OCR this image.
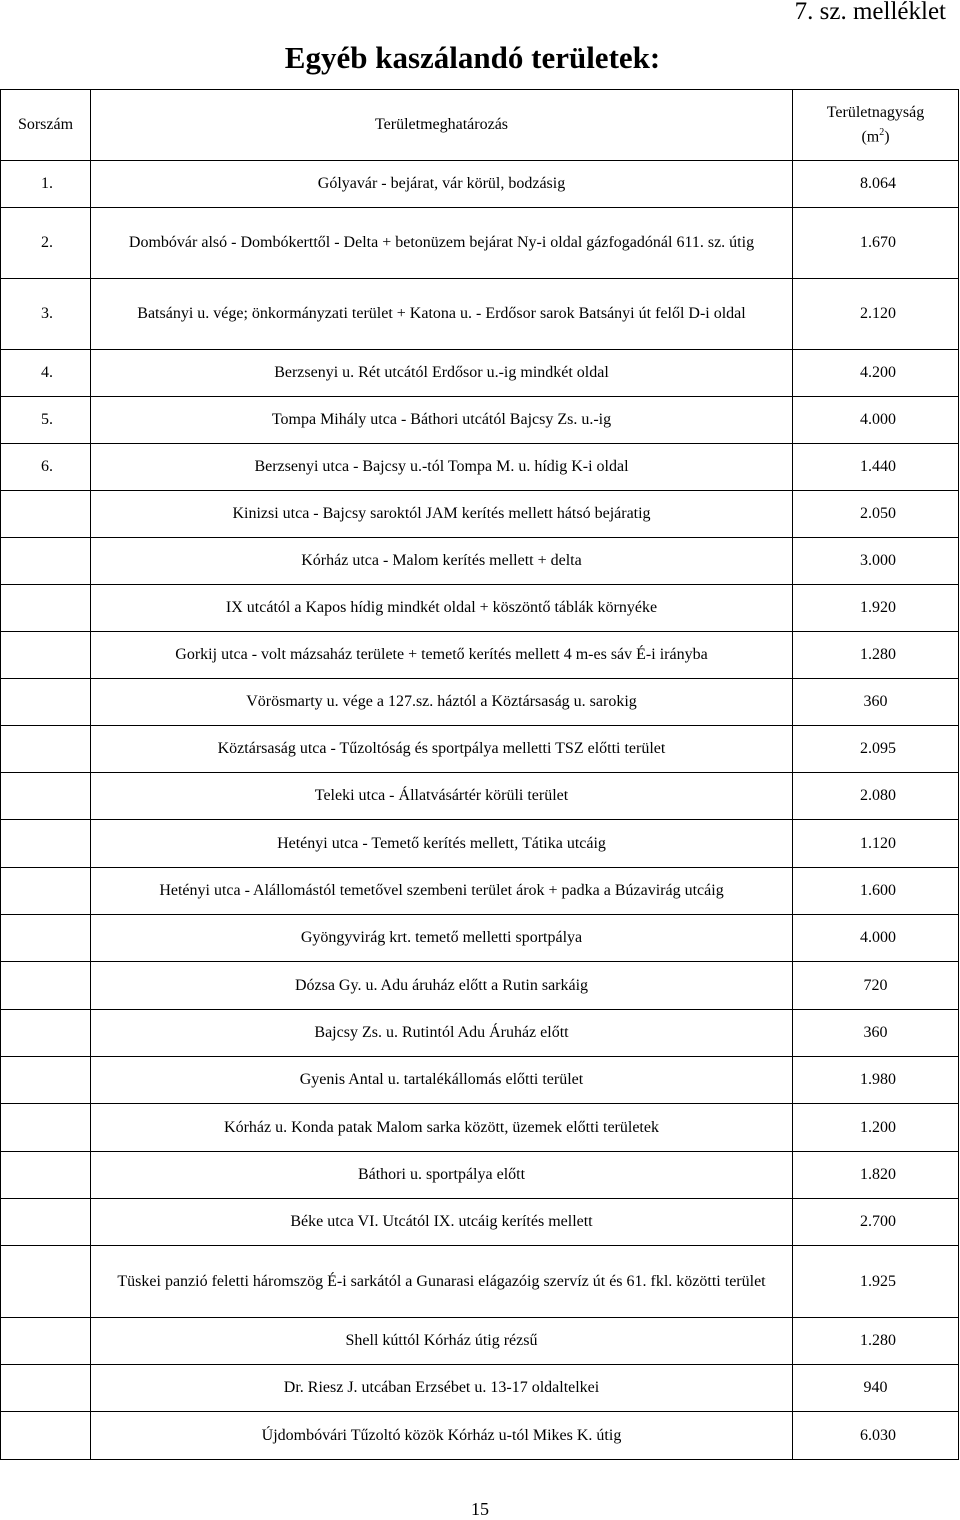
7. sz. melléklet
Egyéb kaszálandó területek:
Sorszám	Területmeghatározás	Területnagyság
$(m^2)$
1.	Gólyavár - bejárat, vár körül, bodzásig	8.064
2.	Dombóvár alsó - Dombókerttől - Delta + betonüzem bejárat Ny-i oldal gázfogadónál 611. sz. útig	1.670
3.	Batsányi u. vége; önkormányzati terület + Katona u. - Erdősor sarok Batsányi út felől D-i oldal	2.120
4.	Berzsenyi u. Rét utcától Erdősor u.-ig mindkét oldal	4.200
5.	Tompa Mihály utca - Báthori utcától Bajcsy Zs. u.-ig	4.000
6.	Berzsenyi utca - Bajcsy u.-tól Tompa M. u. hídig K-i oldal	1.440
	Kinizsi utca - Bajcsy saroktól JAM kerítés mellett hátsó bejáratig	2.050
	Kórház utca - Malom kerítés mellett + delta	3.000
	IX utcától a Kapos hídig mindkét oldal + köszöntő táblák környéke	1.920
	Gorkij utca - volt mázsaház területe + temető kerítés mellett 4 m-es sáv É-i irányba	1.280
	Vörösmarty u. vége a 127.sz. háztól a Köztársaság u. sarokig	360
	Köztársaság utca - Tűzoltóság és sportpálya melletti TSZ előtti terület	2.095
	Teleki utca - Állatvásártér körüli terület	2.080
	Hetényi utca - Temető kerítés mellett, Tátika utcáig	1.120
	Hetényi utca - Alállomástól temetővel szembeni terület árok + padka a Búzavirág utcáig	1.600
	Gyöngyvirág krt. temető melletti sportpálya	4.000
	Dózsa Gy. u. Adu áruház előtt a Rutin sarkáig	720
	Bajcsy Zs. u. Rutintól Adu Áruház előtt	360
	Gyenis Antal u. tartalékállomás előtti terület	1.980
	Kórház u. Konda patak Malom sarka között, üzemek előtti területek	1.200
	Báthori u. sportpálya előtt	1.820
	Béke utca VI. Utcától IX. utcáig kerítés mellett	2.700
	Tüskei panzió feletti háromszög É-i sarkától a Gunarasi elágazóig szervíz út és 61. fkl. közötti terület	1.925
	Shell kúttól Kórház útig rézsű	1.280
	Dr. Riesz J. utcában Erzsébet u. 13-17 oldaltelkei	940
	Újdombóvári Tűzoltó közök Kórház u-tól Mikes K. útig	6.030
15
